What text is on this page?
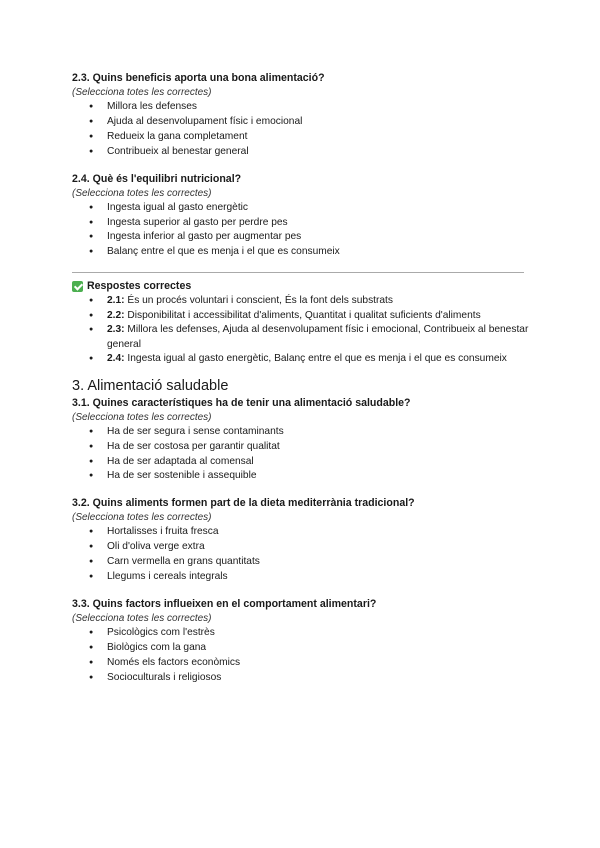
2.3. Quins beneficis aporta una bona alimentació?

(Selecciona totes les correctes)

● Millora les defenses
● Ajuda al desenvolupament físic i emocional
● Redueix la gana completament
● Contribueix al benestar general

2.4. Què és l'equilibri nutricional?

(Selecciona totes les correctes)

● Ingesta igual al gasto energètic
● Ingesta superior al gasto per perdre pes
● Ingesta inferior al gasto per augmentar pes
● Balanç entre el que es menja i el que es consumeix

Respostes correctes

● 2.1: És un procés voluntari i conscient, És la font dels substrats
● 2.2: Disponibilitat i accessibilitat d'aliments, Quantitat i qualitat suficients d'aliments
● 2.3: Millora les defenses, Ajuda al desenvolupament físic i emocional, Contribueix al benestar general
● 2.4: Ingesta igual al gasto energètic, Balanç entre el que es menja i el que es consumeix
3. Alimentació saludable

3.1. Quines característiques ha de tenir una alimentació saludable?

(Selecciona totes les correctes)

● Ha de ser segura i sense contaminants
● Ha de ser costosa per garantir qualitat
● Ha de ser adaptada al comensal
● Ha de ser sostenible i assequible

3.2. Quins aliments formen part de la dieta mediterrània tradicional?

(Selecciona totes les correctes)

● Hortalisses i fruita fresca
● Oli d'oliva verge extra
● Carn vermella en grans quantitats
● Llegums i cereals integrals

3.3. Quins factors influeixen en el comportament alimentari?

(Selecciona totes les correctes)

● Psicològics com l'estrès
● Biològics com la gana
● Només els factors econòmics
● Socioculturals i religiosos
